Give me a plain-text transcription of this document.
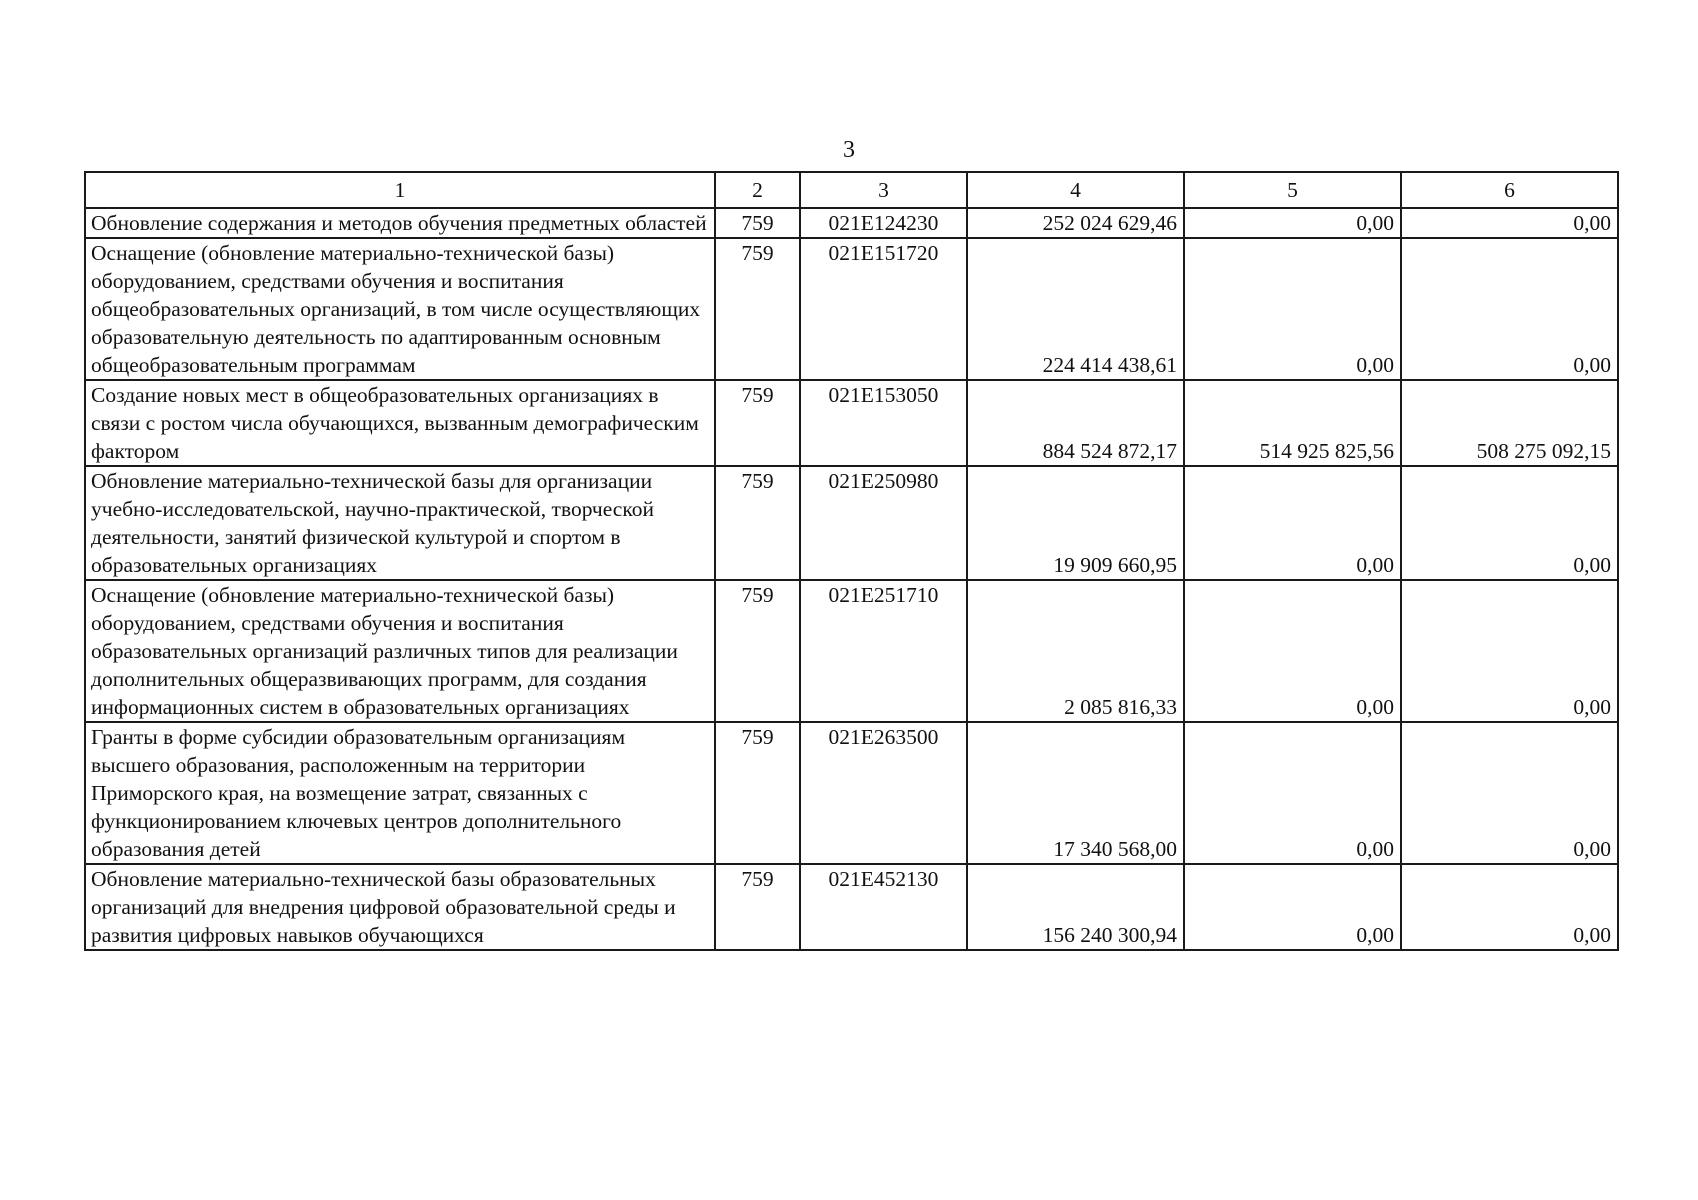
3
1	2	3	4	5	6
Обновление содержания и методов обучения предметных областей	759	021E124230	252 024 629,46	0,00	0,00
Оснащение (обновление материально-технической базы) оборудованием, средствами обучения и воспитания общеобразовательных организаций, в том числе осуществляющих образовательную деятельность по адаптированным основным общеобразовательным программам	759	021E151720	224 414 438,61	0,00	0,00
Создание новых мест в общеобразовательных организациях в связи с ростом числа обучающихся, вызванным демографическим фактором	759	021E153050	884 524 872,17	514 925 825,56	508 275 092,15
Обновление материально-технической базы для организации учебно-исследовательской, научно-практической, творческой деятельности, занятий физической культурой и спортом в образовательных организациях	759	021E250980	19 909 660,95	0,00	0,00
Оснащение (обновление материально-технической базы) оборудованием, средствами обучения и воспитания образовательных организаций различных типов для реализации дополнительных общеразвивающих программ, для создания информационных систем в образовательных организациях	759	021E251710	2 085 816,33	0,00	0,00
Гранты в форме субсидии образовательным организациям высшего образования, расположенным на территории Приморского края, на возмещение затрат, связанных с функционированием ключевых центров дополнительного образования детей	759	021E263500	17 340 568,00	0,00	0,00
Обновление материально-технической базы образовательных организаций для внедрения цифровой образовательной среды и развития цифровых навыков обучающихся	759	021E452130	156 240 300,94	0,00	0,00
